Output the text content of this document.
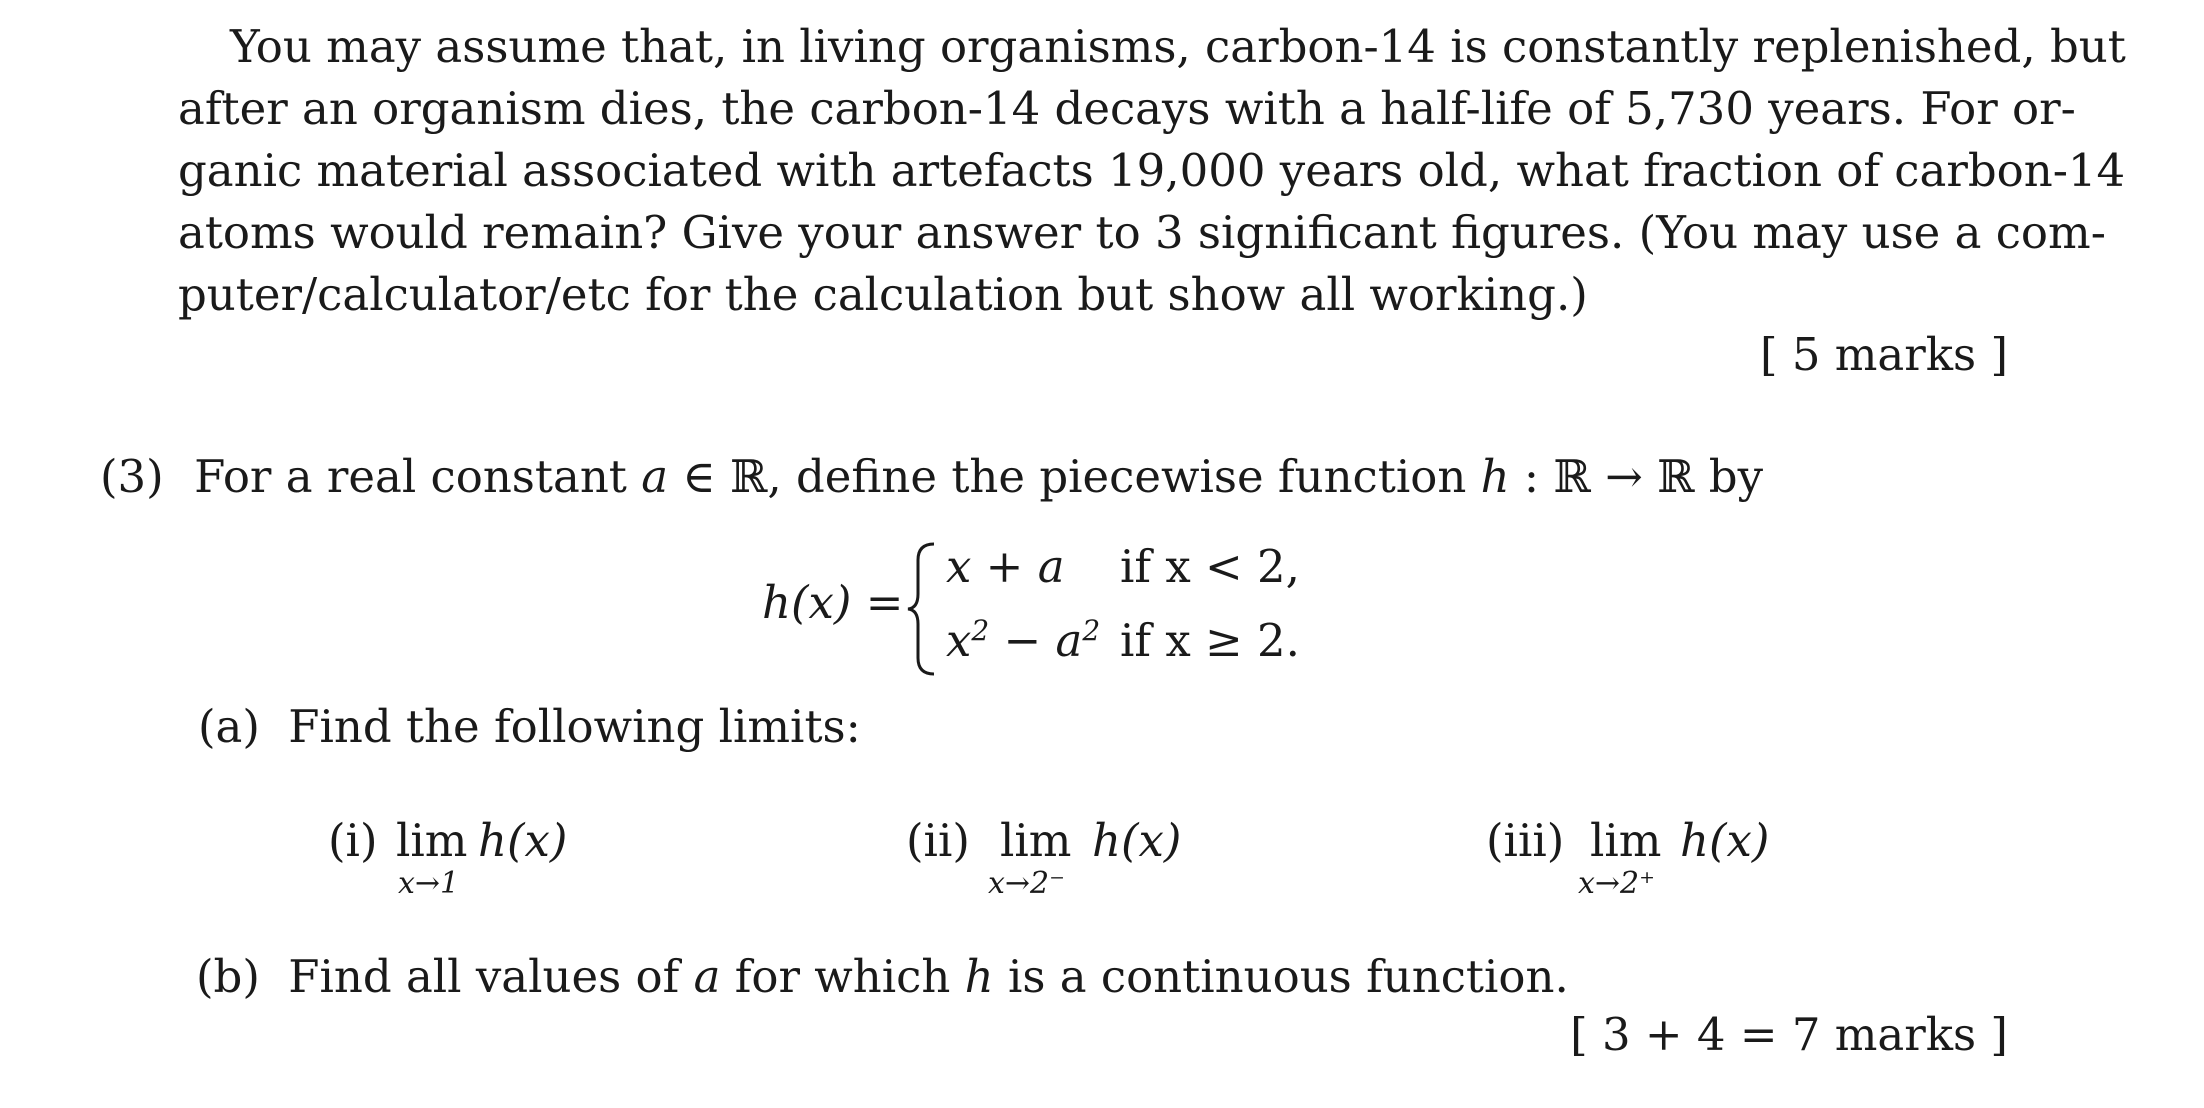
You may assume that, in living organisms, carbon-14 is constantly replenished, but
after an organism dies, the carbon-14 decays with a half-life of 5,730 years. For or-
ganic material associated with artefacts 19,000 years old, what fraction of carbon-14
atoms would remain? Give your answer to 3 significant figures. (You may use a com-
puter/calculator/etc for the calculation but show all working.)
[ 5 marks ]
(3) For a real constant a ∈ ℝ, define the piecewise function h : ℝ → ℝ by
h(x) =
x + a if x < 2,
$x^2 - a^2$ if x ≥ 2.
(a) Find the following limits:
(i) lim h(x)
x→1
(ii) lim h(x)
x→2⁻
(iii) lim h(x)
x→2⁺
(b) Find all values of a for which h is a continuous function.
[ 3 + 4 = 7 marks ]
